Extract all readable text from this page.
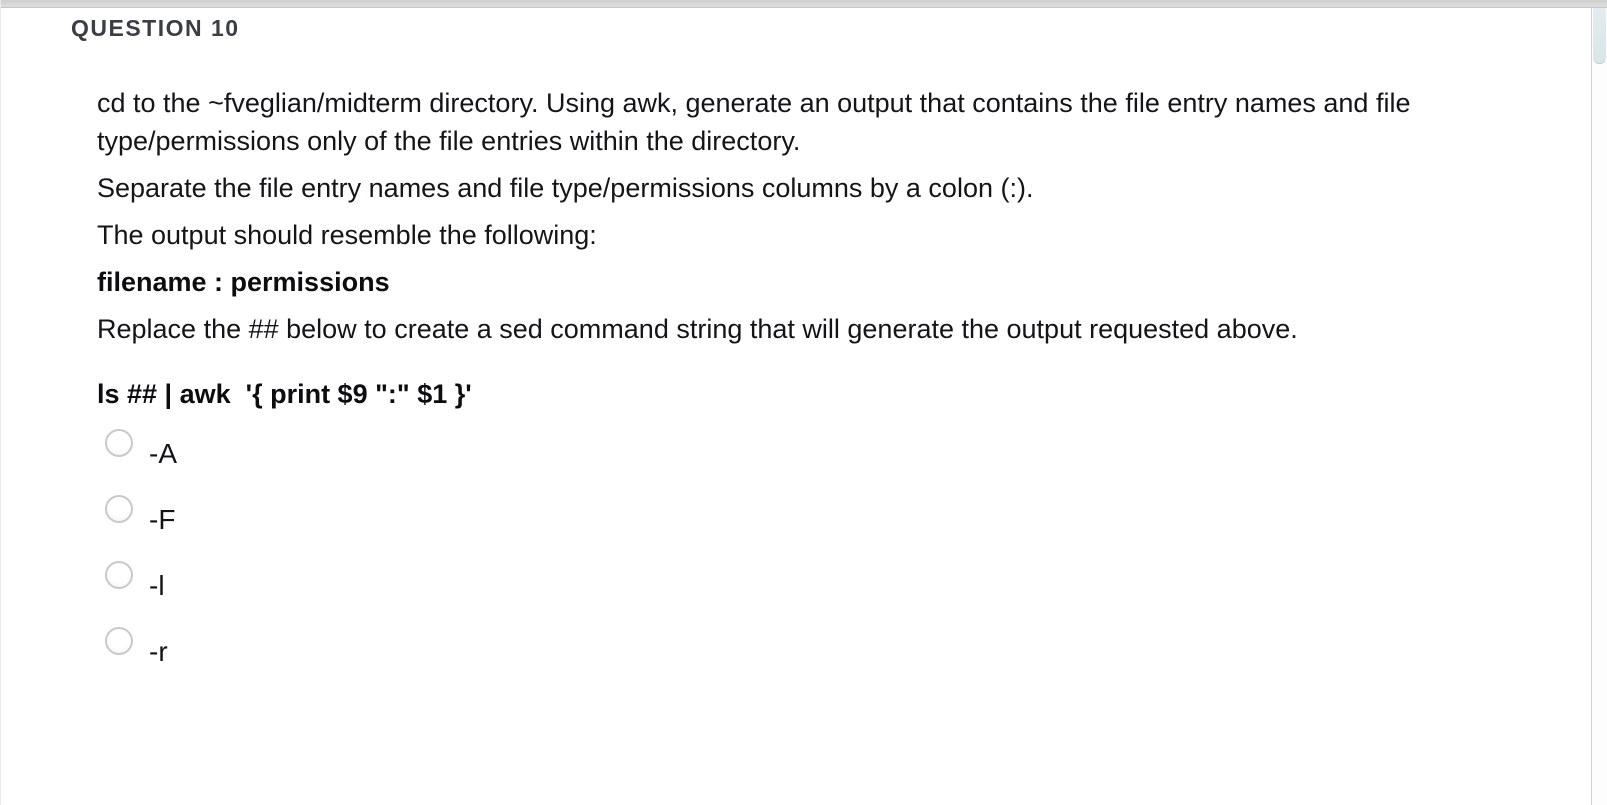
QUESTION 10

cd to the ~fveglian/midterm directory. Using awk, generate an output that contains the file entry names and file type/permissions only of the file entries within the directory.

Separate the file entry names and file type/permissions columns by a colon (:).

The output should resemble the following:

filename : permissions

Replace the ## below to create a sed command string that will generate the output requested above.

ls ## | awk  '{ print $9 ":" $1 }'

-A
-F
-l
-r
